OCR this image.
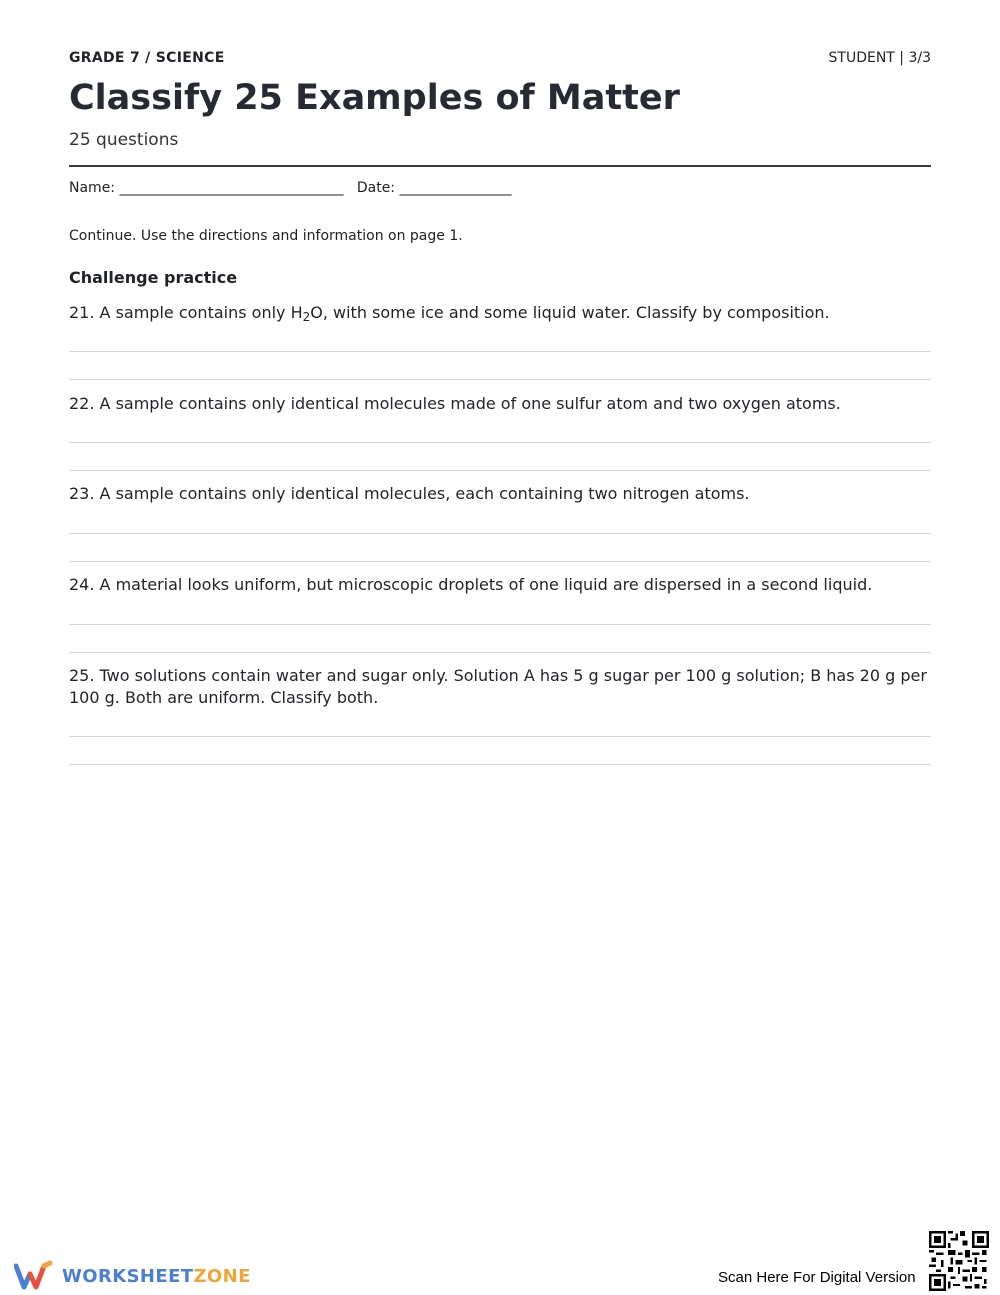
GRADE 7 / SCIENCE	STUDENT | 3/3
Classify 25 Examples of Matter
25 questions
Name: ________________________________ Date: ________________
Continue. Use the directions and information on page 1.
Challenge practice
21. A sample contains only $H_2O$, with some ice and some liquid water. Classify by composition.
22. A sample contains only identical molecules made of one sulfur atom and two oxygen atoms.
23. A sample contains only identical molecules, each containing two nitrogen atoms.
24. A material looks uniform, but microscopic droplets of one liquid are dispersed in a second liquid.
25. Two solutions contain water and sugar only. Solution A has 5 g sugar per 100 g solution; B has 20 g per 100 g. Both are uniform. Classify both.
WORKSHEETZONE	Scan Here For Digital Version
